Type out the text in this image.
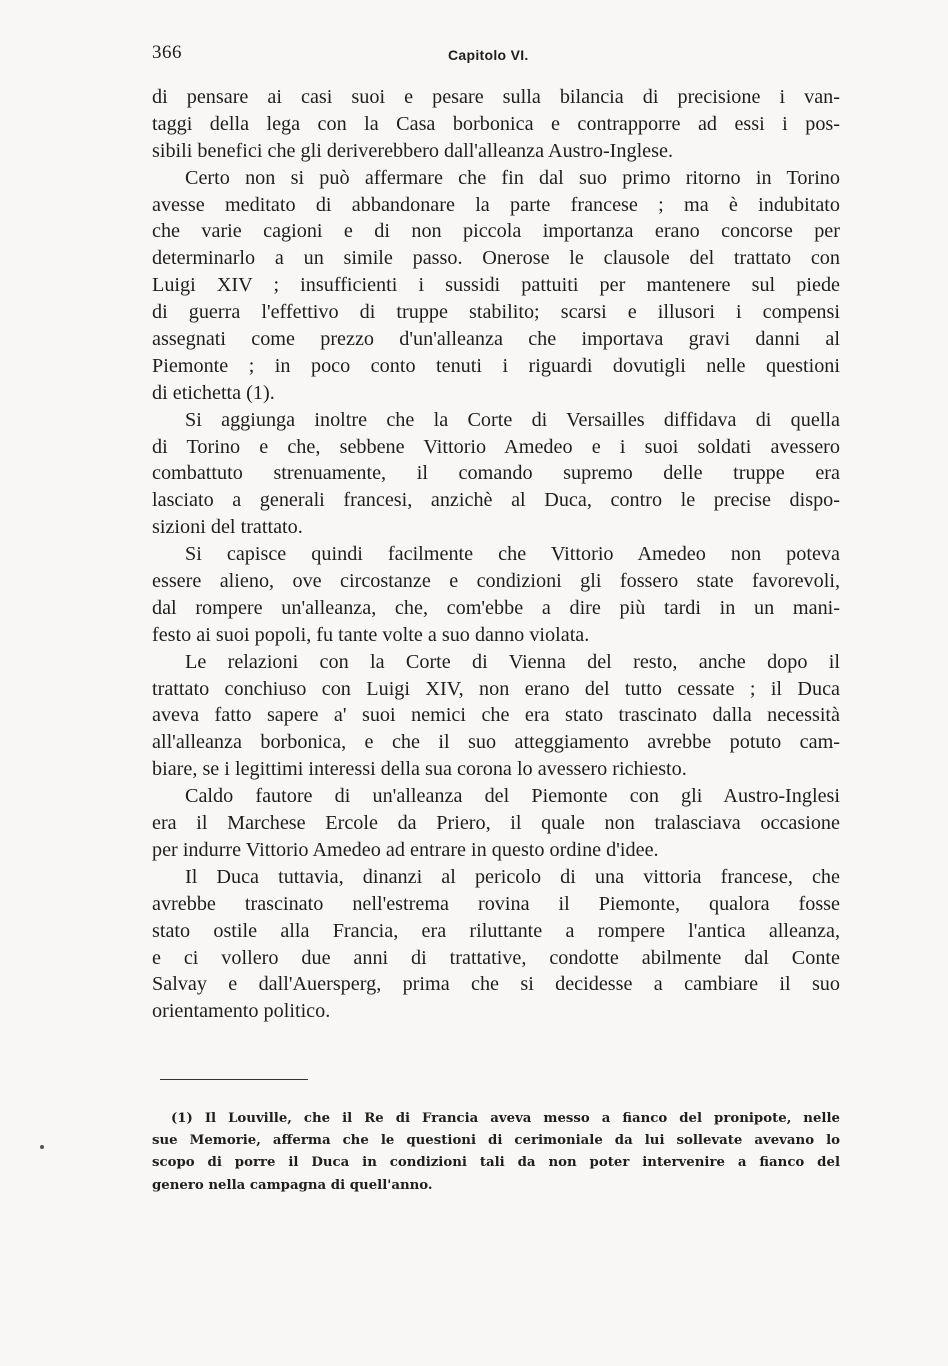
366	Capitolo VI.
di pensare ai casi suoi e pesare sulla bilancia di precisione i van-
taggi della lega con la Casa borbonica e contrapporre ad essi i pos-
sibili benefici che gli deriverebbero dall'alleanza Austro-Inglese.
Certo non si può affermare che fin dal suo primo ritorno in Torino
avesse meditato di abbandonare la parte francese ; ma è indubitato
che varie cagioni e di non piccola importanza erano concorse per
determinarlo a un simile passo. Onerose le clausole del trattato con
Luigi XIV ; insufficienti i sussidi pattuiti per mantenere sul piede
di guerra l'effettivo di truppe stabilito; scarsi e illusori i compensi
assegnati come prezzo d'un'alleanza che importava gravi danni al
Piemonte ; in poco conto tenuti i riguardi dovutigli nelle questioni
di etichetta (1).
Si aggiunga inoltre che la Corte di Versailles diffidava di quella
di Torino e che, sebbene Vittorio Amedeo e i suoi soldati avessero
combattuto strenuamente, il comando supremo delle truppe era
lasciato a generali francesi, anzichè al Duca, contro le precise dispo-
sizioni del trattato.
Si capisce quindi facilmente che Vittorio Amedeo non poteva
essere alieno, ove circostanze e condizioni gli fossero state favorevoli,
dal rompere un'alleanza, che, com'ebbe a dire più tardi in un mani-
festo ai suoi popoli, fu tante volte a suo danno violata.
Le relazioni con la Corte di Vienna del resto, anche dopo il
trattato conchiuso con Luigi XIV, non erano del tutto cessate ; il Duca
aveva fatto sapere a' suoi nemici che era stato trascinato dalla necessità
all'alleanza borbonica, e che il suo atteggiamento avrebbe potuto cam-
biare, se i legittimi interessi della sua corona lo avessero richiesto.
Caldo fautore di un'alleanza del Piemonte con gli Austro-Inglesi
era il Marchese Ercole da Priero, il quale non tralasciava occasione
per indurre Vittorio Amedeo ad entrare in questo ordine d'idee.
Il Duca tuttavia, dinanzi al pericolo di una vittoria francese, che
avrebbe trascinato nell'estrema rovina il Piemonte, qualora fosse
stato ostile alla Francia, era riluttante a rompere l'antica alleanza,
e ci vollero due anni di trattative, condotte abilmente dal Conte
Salvay e dall'Auersperg, prima che si decidesse a cambiare il suo
orientamento politico.
(1) Il Louville, che il Re di Francia aveva messo a fianco del pronipote, nelle
sue Memorie, afferma che le questioni di cerimoniale da lui sollevate avevano lo
scopo di porre il Duca in condizioni tali da non poter intervenire a fianco del
genero nella campagna di quell'anno.
